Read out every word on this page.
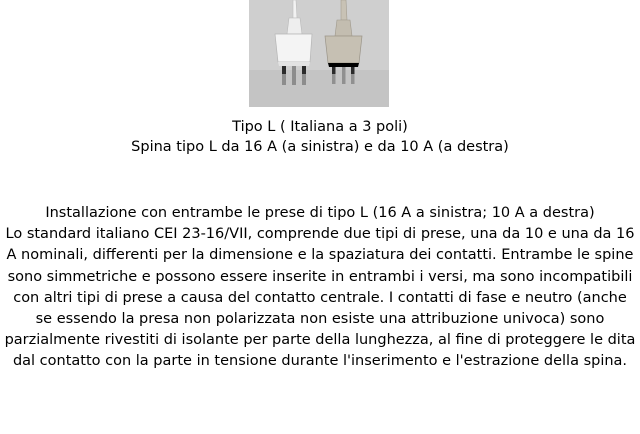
Tipo L ( Italiana a 3 poli)

Spina tipo L da 16 A (a sinistra) e da 10 A (a destra)

Installazione con entrambe le prese di tipo L (16 A a sinistra; 10 A a destra)

Lo standard italiano CEI 23-16/VII, comprende due tipi di prese, una da 10 e una da 16 A nominali, differenti per la dimensione e la spaziatura dei contatti. Entrambe le spine sono simmetriche e possono essere inserite in entrambi i versi, ma sono incompatibili con altri tipi di prese a causa del contatto centrale. I contatti di fase e neutro (anche se essendo la presa non polarizzata non esiste una attribuzione univoca) sono parzialmente rivestiti di isolante per parte della lunghezza, al fine di proteggere le dita dal contatto con la parte in tensione durante l'inserimento e l'estrazione della spina.
